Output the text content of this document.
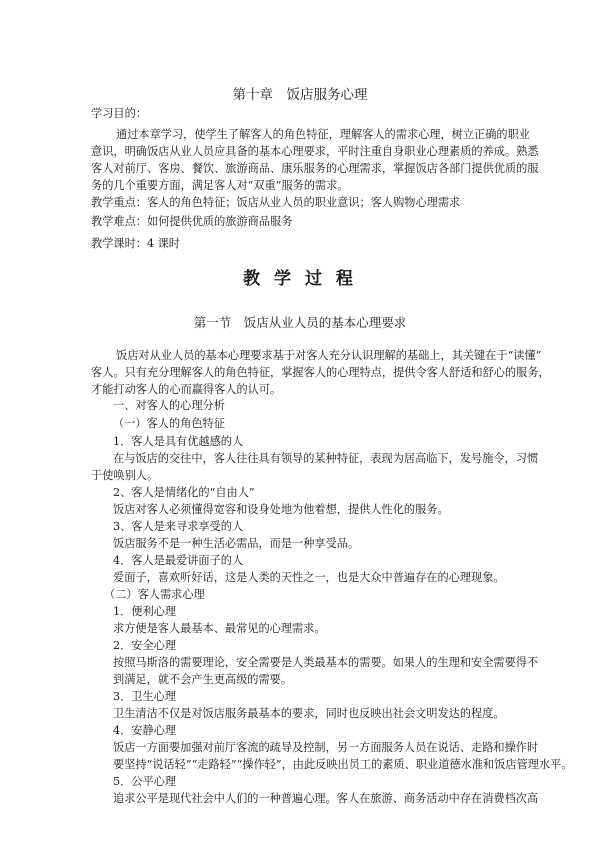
第十章　饭店服务心理
学习目的：
通过本章学习，使学生了解客人的角色特征，理解客人的需求心理，树立正确的职业
意识，明确饭店从业人员应具备的基本心理要求，平时注重自身职业心理素质的养成。熟悉
客人对前厅、客房、餐饮、旅游商品、康乐服务的心理需求，掌握饭店各部门提供优质的服
务的几个重要方面，满足客人对“双重”服务的需求。
教学重点：客人的角色特征；饭店从业人员的职业意识；客人购物心理需求
教学难点：如何提供优质的旅游商品服务
教学课时：4 课时
教 学 过 程
第一节　饭店从业人员的基本心理要求
饭店对从业人员的基本心理要求基于对客人充分认识理解的基础上，其关键在于“读懂”
客人。只有充分理解客人的角色特征，掌握客人的心理特点，提供令客人舒适和舒心的服务，
才能打动客人的心而赢得客人的认可。
一、对客人的心理分析
（一）客人的角色特征
1．客人是具有优越感的人
在与饭店的交往中，客人往往具有领导的某种特征，表现为居高临下，发号施令，习惯
于使唤别人。
2、客人是情绪化的“自由人”
饭店对客人必须懂得宽容和设身处地为他着想，提供人性化的服务。
3、客人是来寻求享受的人
饭店服务不是一种生活必需品，而是一种享受品。
4．客人是最爱讲面子的人
爱面子，喜欢听好话，这是人类的天性之一，也是大众中普遍存在的心理现象。
（二）客人需求心理
1．便利心理
求方便是客人最基本、最常见的心理需求。
2．安全心理
按照马斯洛的需要理论，安全需要是人类最基本的需要。如果人的生理和安全需要得不
到满足，就不会产生更高级的需要。
3．卫生心理
卫生清洁不仅是对饭店服务最基本的要求，同时也反映出社会文明发达的程度。
4．安静心理
饭店一方面要加强对前厅客流的疏导及控制，另一方面服务人员在说话、走路和操作时
要坚持“说话轻”“走路轻”“操作轻”，由此反映出员工的素质、职业道德水准和饭店管理水平。
5．公平心理
追求公平是现代社会中人们的一种普遍心理。客人在旅游、商务活动中存在消费档次高
